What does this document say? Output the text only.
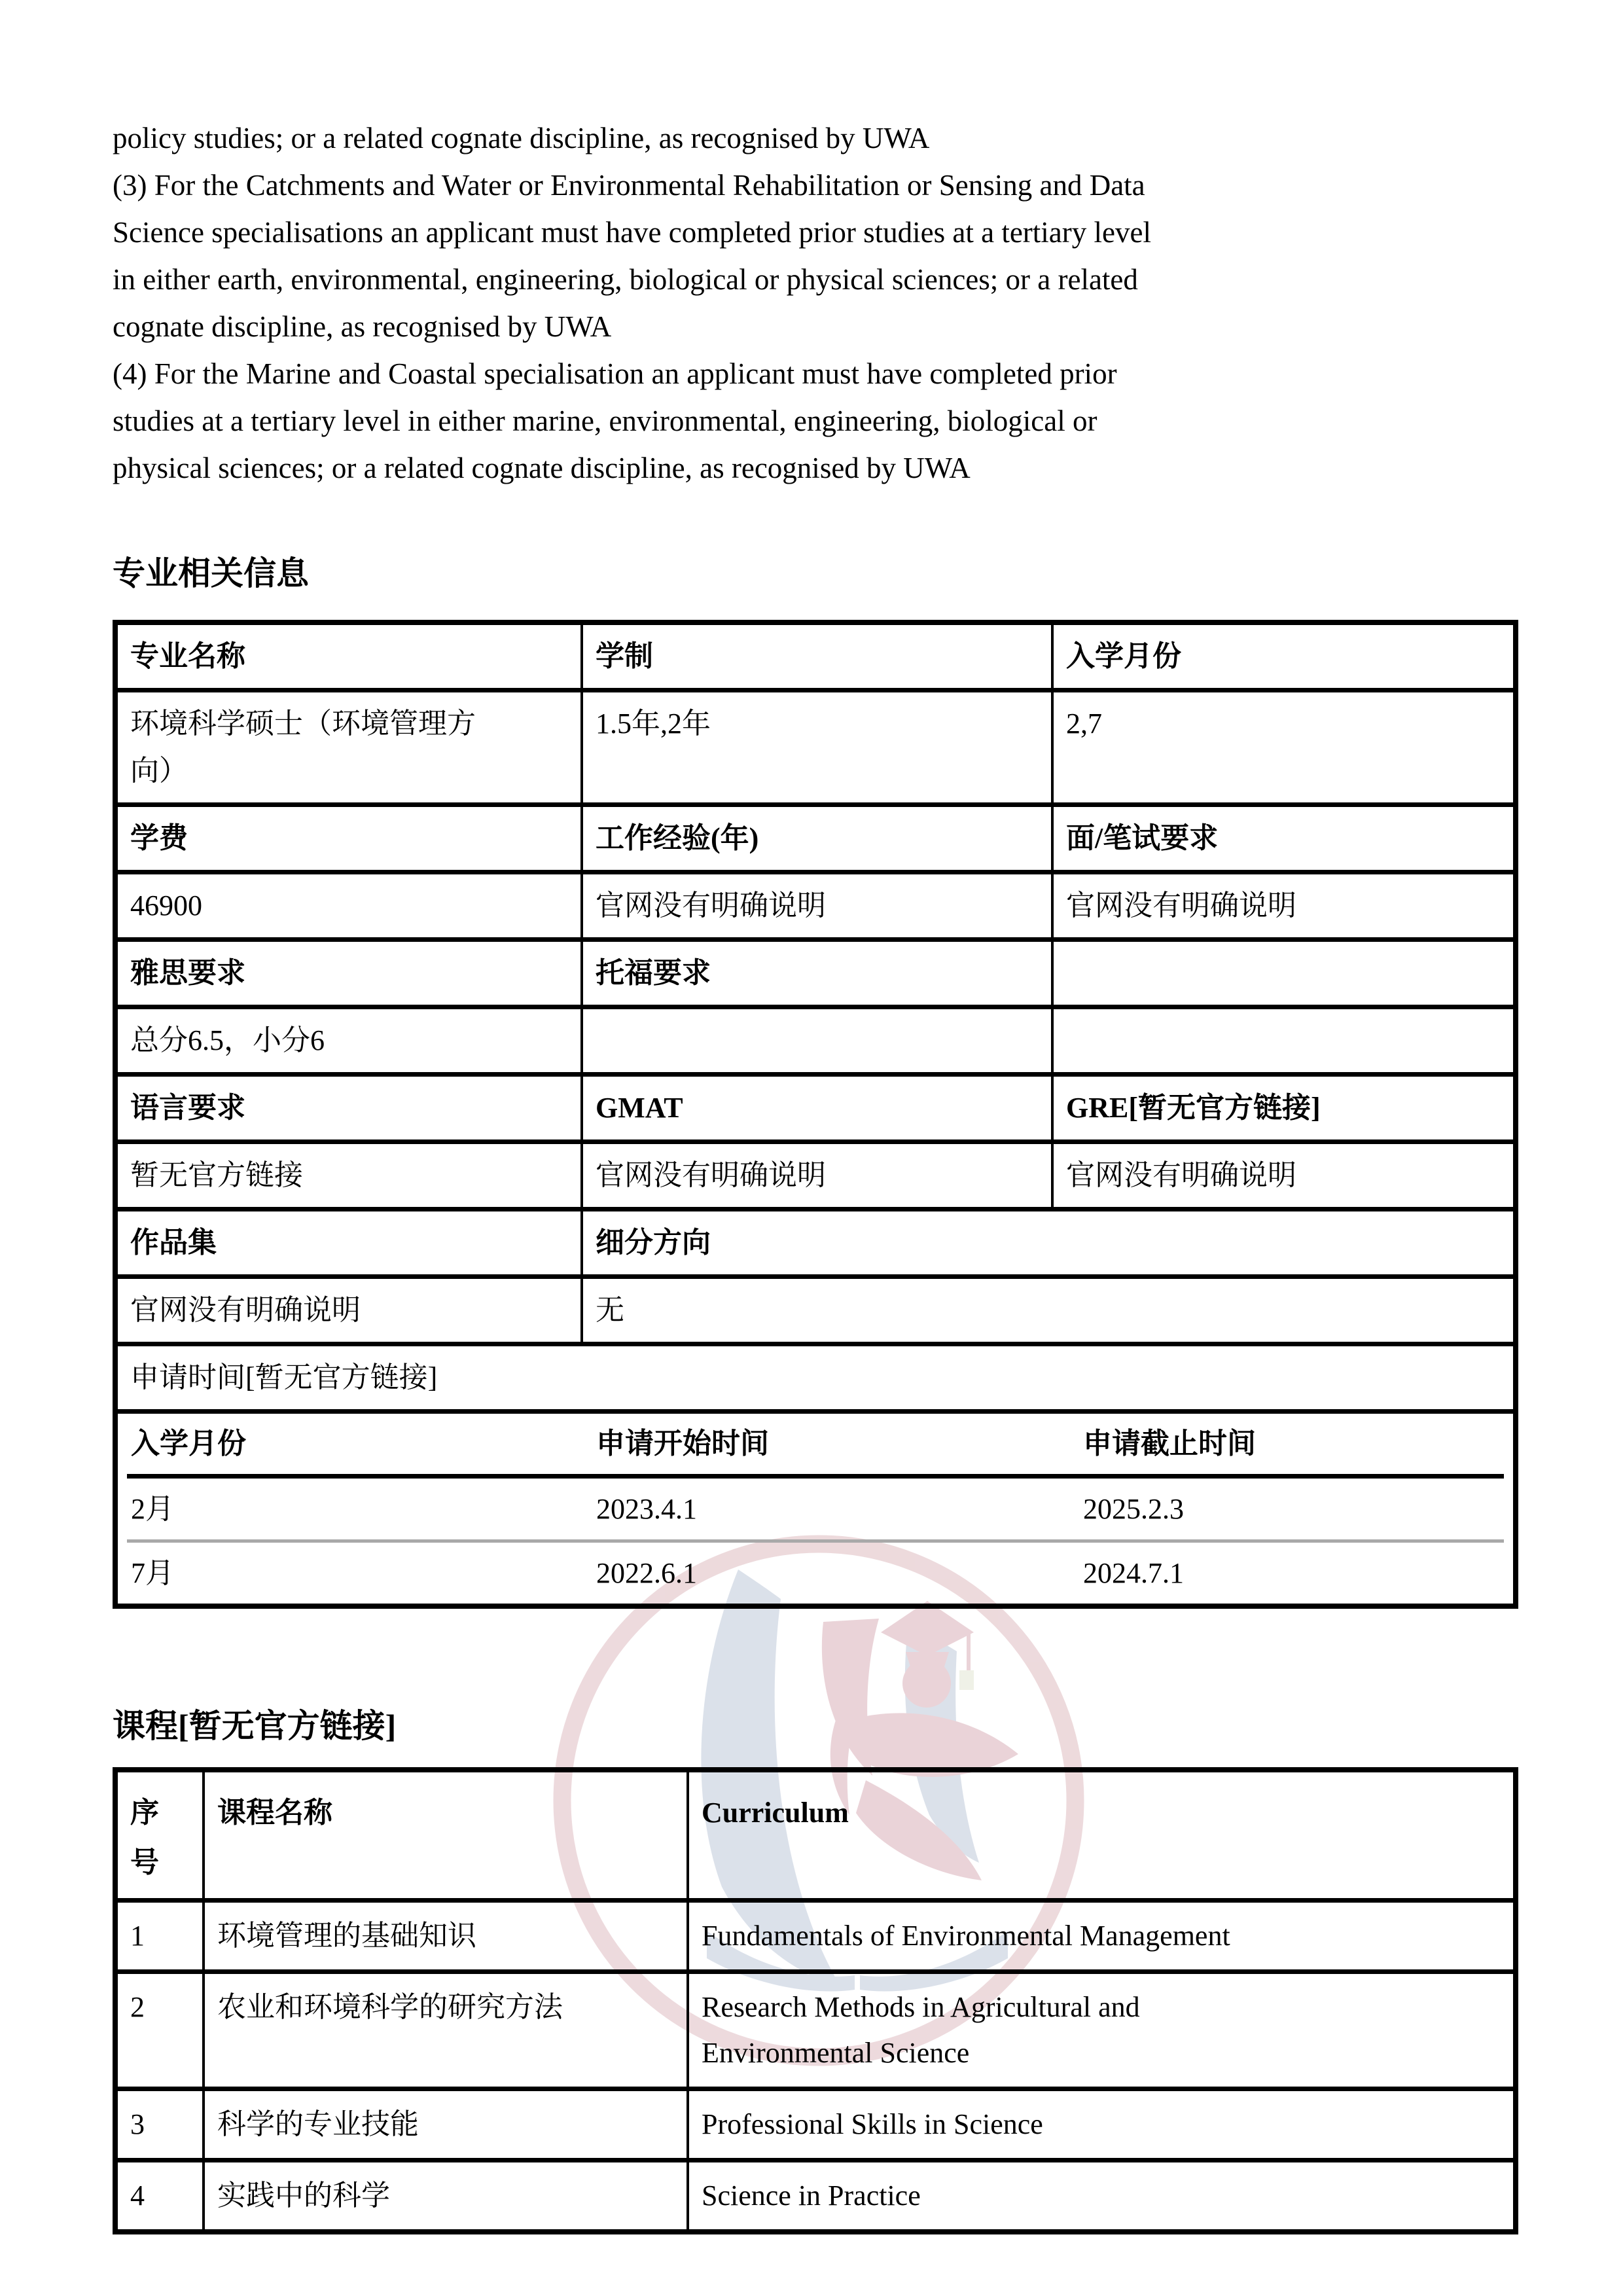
policy studies; or a related cognate discipline, as recognised by UWA
(3) For the Catchments and Water or Environmental Rehabilitation or Sensing and Data
Science specialisations an applicant must have completed prior studies at a tertiary level
in either earth, environmental, engineering, biological or physical sciences; or a related
cognate discipline, as recognised by UWA
(4) For the Marine and Coastal specialisation an applicant must have completed prior
studies at a tertiary level in either marine, environmental, engineering, biological or
physical sciences; or a related cognate discipline, as recognised by UWA
专业相关信息
专业名称	学制	入学月份

环境科学硕士（环境管理方
向）	1.5年,2年	2,7
学费	工作经验(年)	面/笔试要求
46900	官网没有明确说明	官网没有明确说明
雅思要求	托福要求	
总分6.5，小分6		
语言要求	GMAT	GRE[暂无官方链接]
暂无官方链接	官网没有明确说明	官网没有明确说明
作品集	细分方向	
官网没有明确说明	无	
申请时间[暂无官方链接]		

入学月份	申请开始时间	申请截止时间
2月	2023.4.1	2025.2.3
7月	2022.6.1	2024.7.1
课程[暂无官方链接]
序号	课程名称	Curriculum
1	环境管理的基础知识	Fundamentals of Environmental Management

2	农业和环境科学的研究方法	Research Methods in Agricultural and
Environmental Science

3	科学的专业技能	Professional Skills in Science

4	实践中的科学	Science in Practice
